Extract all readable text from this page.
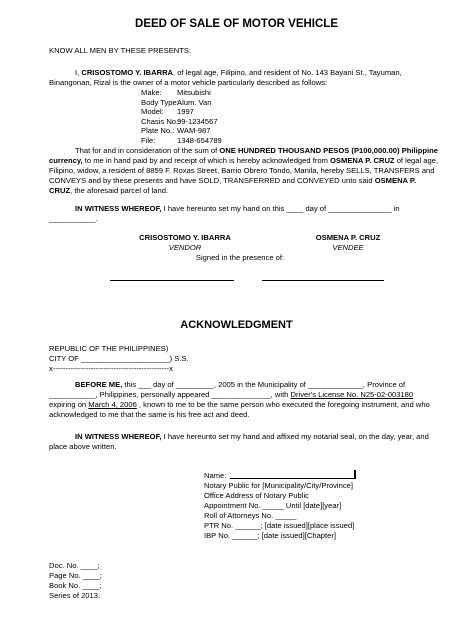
DEED OF SALE OF MOTOR VEHICLE
KNOW ALL MEN BY THESE PRESENTS:

I, CRISOSTOMO Y. IBARRA, of legal age, Filipino, and resident of No. 143 Bayani St., Tayuman, Binangonan, Rizal is the owner of a motor vehicle particularly described as follows:

Make: Mitsubishi
Body Type:Alum. Van
Model: 1997
Chasis No.:99-1234567
Plate No.: WAM-987
File:	1348-654789

That for and in consideration of the sum of ONE HUNDRED THOUSAND PESOS (P100,000.00) Philippine currency, to me in hand paid by and receipt of which is hereby acknowledged from OSMENA P. CRUZ of legal age, Filipino, widow, a resident of 8859 F. Roxas Street, Barrio Obrero Tondo, Manila, hereby SELLS, TRANSFERS and CONVEYS and by these presents and have SOLD, TRANSFERRED and CONVEYED unto said OSMENA P. CRUZ, the aforesaid parcel of land.

IN WITNESS WHEREOF, I have hereunto set my hand on this ____ day of _______________ in ___________.

CRISOSTOMO Y. IBARRA
VENDOR
OSMENA P. CRUZ
VENDEE
Signed in the presence of:
ACKNOWLEDGMENT
REPUBLIC OF THE PHILIPPINES)
CITY OF _____________________) S.S.
x----------------------------------------------x

BEFORE ME, this ___ day of _________, 2005 in the Municipality of _____________, Province of ___________, Philippines, personally appeared ______________, with Driver's License No. N25-02-003180 expiring on March 4, 2006 , known to me to be the same person who executed the foregoing instrument, and who acknowledged to me that the same is his free act and deed.

IN WITNESS WHEREOF, I have hereunto set my hand and affixed my notarial seal, on the day, year, and place above written.

Name:
Notary Public for [Municipality/City/Province]
Office Address of Notary Public
Appointment No. _____ Until [date][year]
Roll of Attorneys No. _____
PTR No. ______; [date issued][place issued]
IBP No. ______; [date issued][Chapter]
Doc. No. ____;
Page No. ____;
Book No. ____;
Series of 2013.
